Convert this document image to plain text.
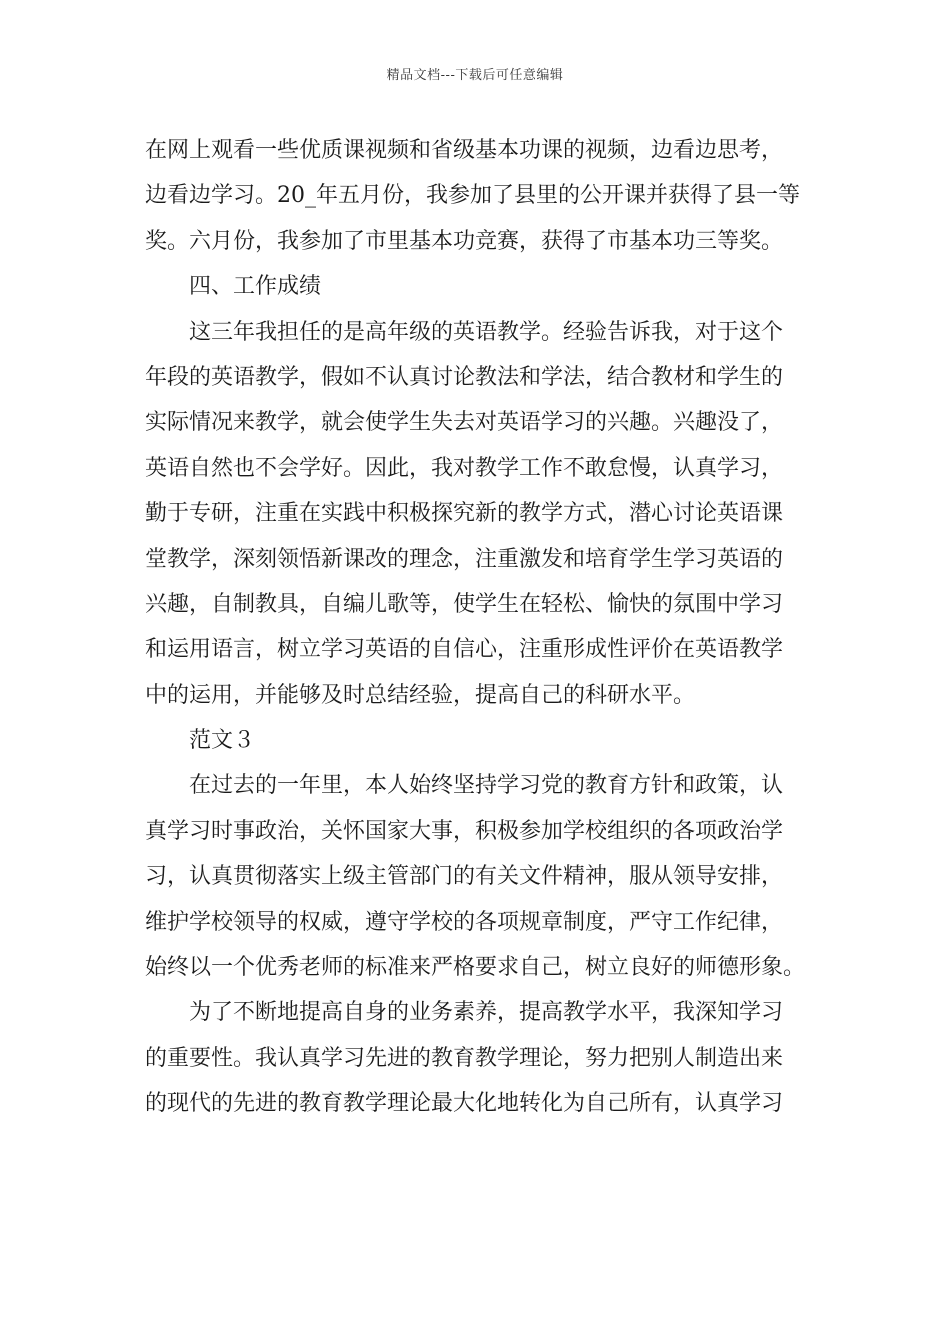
精品文档---下载后可任意编辑
在网上观看一些优质课视频和省级基本功课的视频，边看边思考，
边看边学习。20_年五月份，我参加了县里的公开课并获得了县一等
奖。六月份，我参加了市里基本功竞赛，获得了市基本功三等奖。
四、工作成绩
这三年我担任的是高年级的英语教学。经验告诉我，对于这个
年段的英语教学，假如不认真讨论教法和学法，结合教材和学生的
实际情况来教学，就会使学生失去对英语学习的兴趣。兴趣没了，
英语自然也不会学好。因此，我对教学工作不敢怠慢，认真学习，
勤于专研，注重在实践中积极探究新的教学方式，潜心讨论英语课
堂教学，深刻领悟新课改的理念，注重激发和培育学生学习英语的
兴趣，自制教具，自编儿歌等，使学生在轻松、愉快的氛围中学习
和运用语言，树立学习英语的自信心，注重形成性评价在英语教学
中的运用，并能够及时总结经验，提高自己的科研水平。
范文３
在过去的一年里，本人始终坚持学习党的教育方针和政策，认
真学习时事政治，关怀国家大事，积极参加学校组织的各项政治学
习，认真贯彻落实上级主管部门的有关文件精神，服从领导安排，
维护学校领导的权威，遵守学校的各项规章制度，严守工作纪律，
始终以一个优秀老师的标准来严格要求自己，树立良好的师德形象。
为了不断地提高自身的业务素养，提高教学水平，我深知学习
的重要性。我认真学习先进的教育教学理论，努力把别人制造出来
的现代的先进的教育教学理论最大化地转化为自己所有，认真学习
